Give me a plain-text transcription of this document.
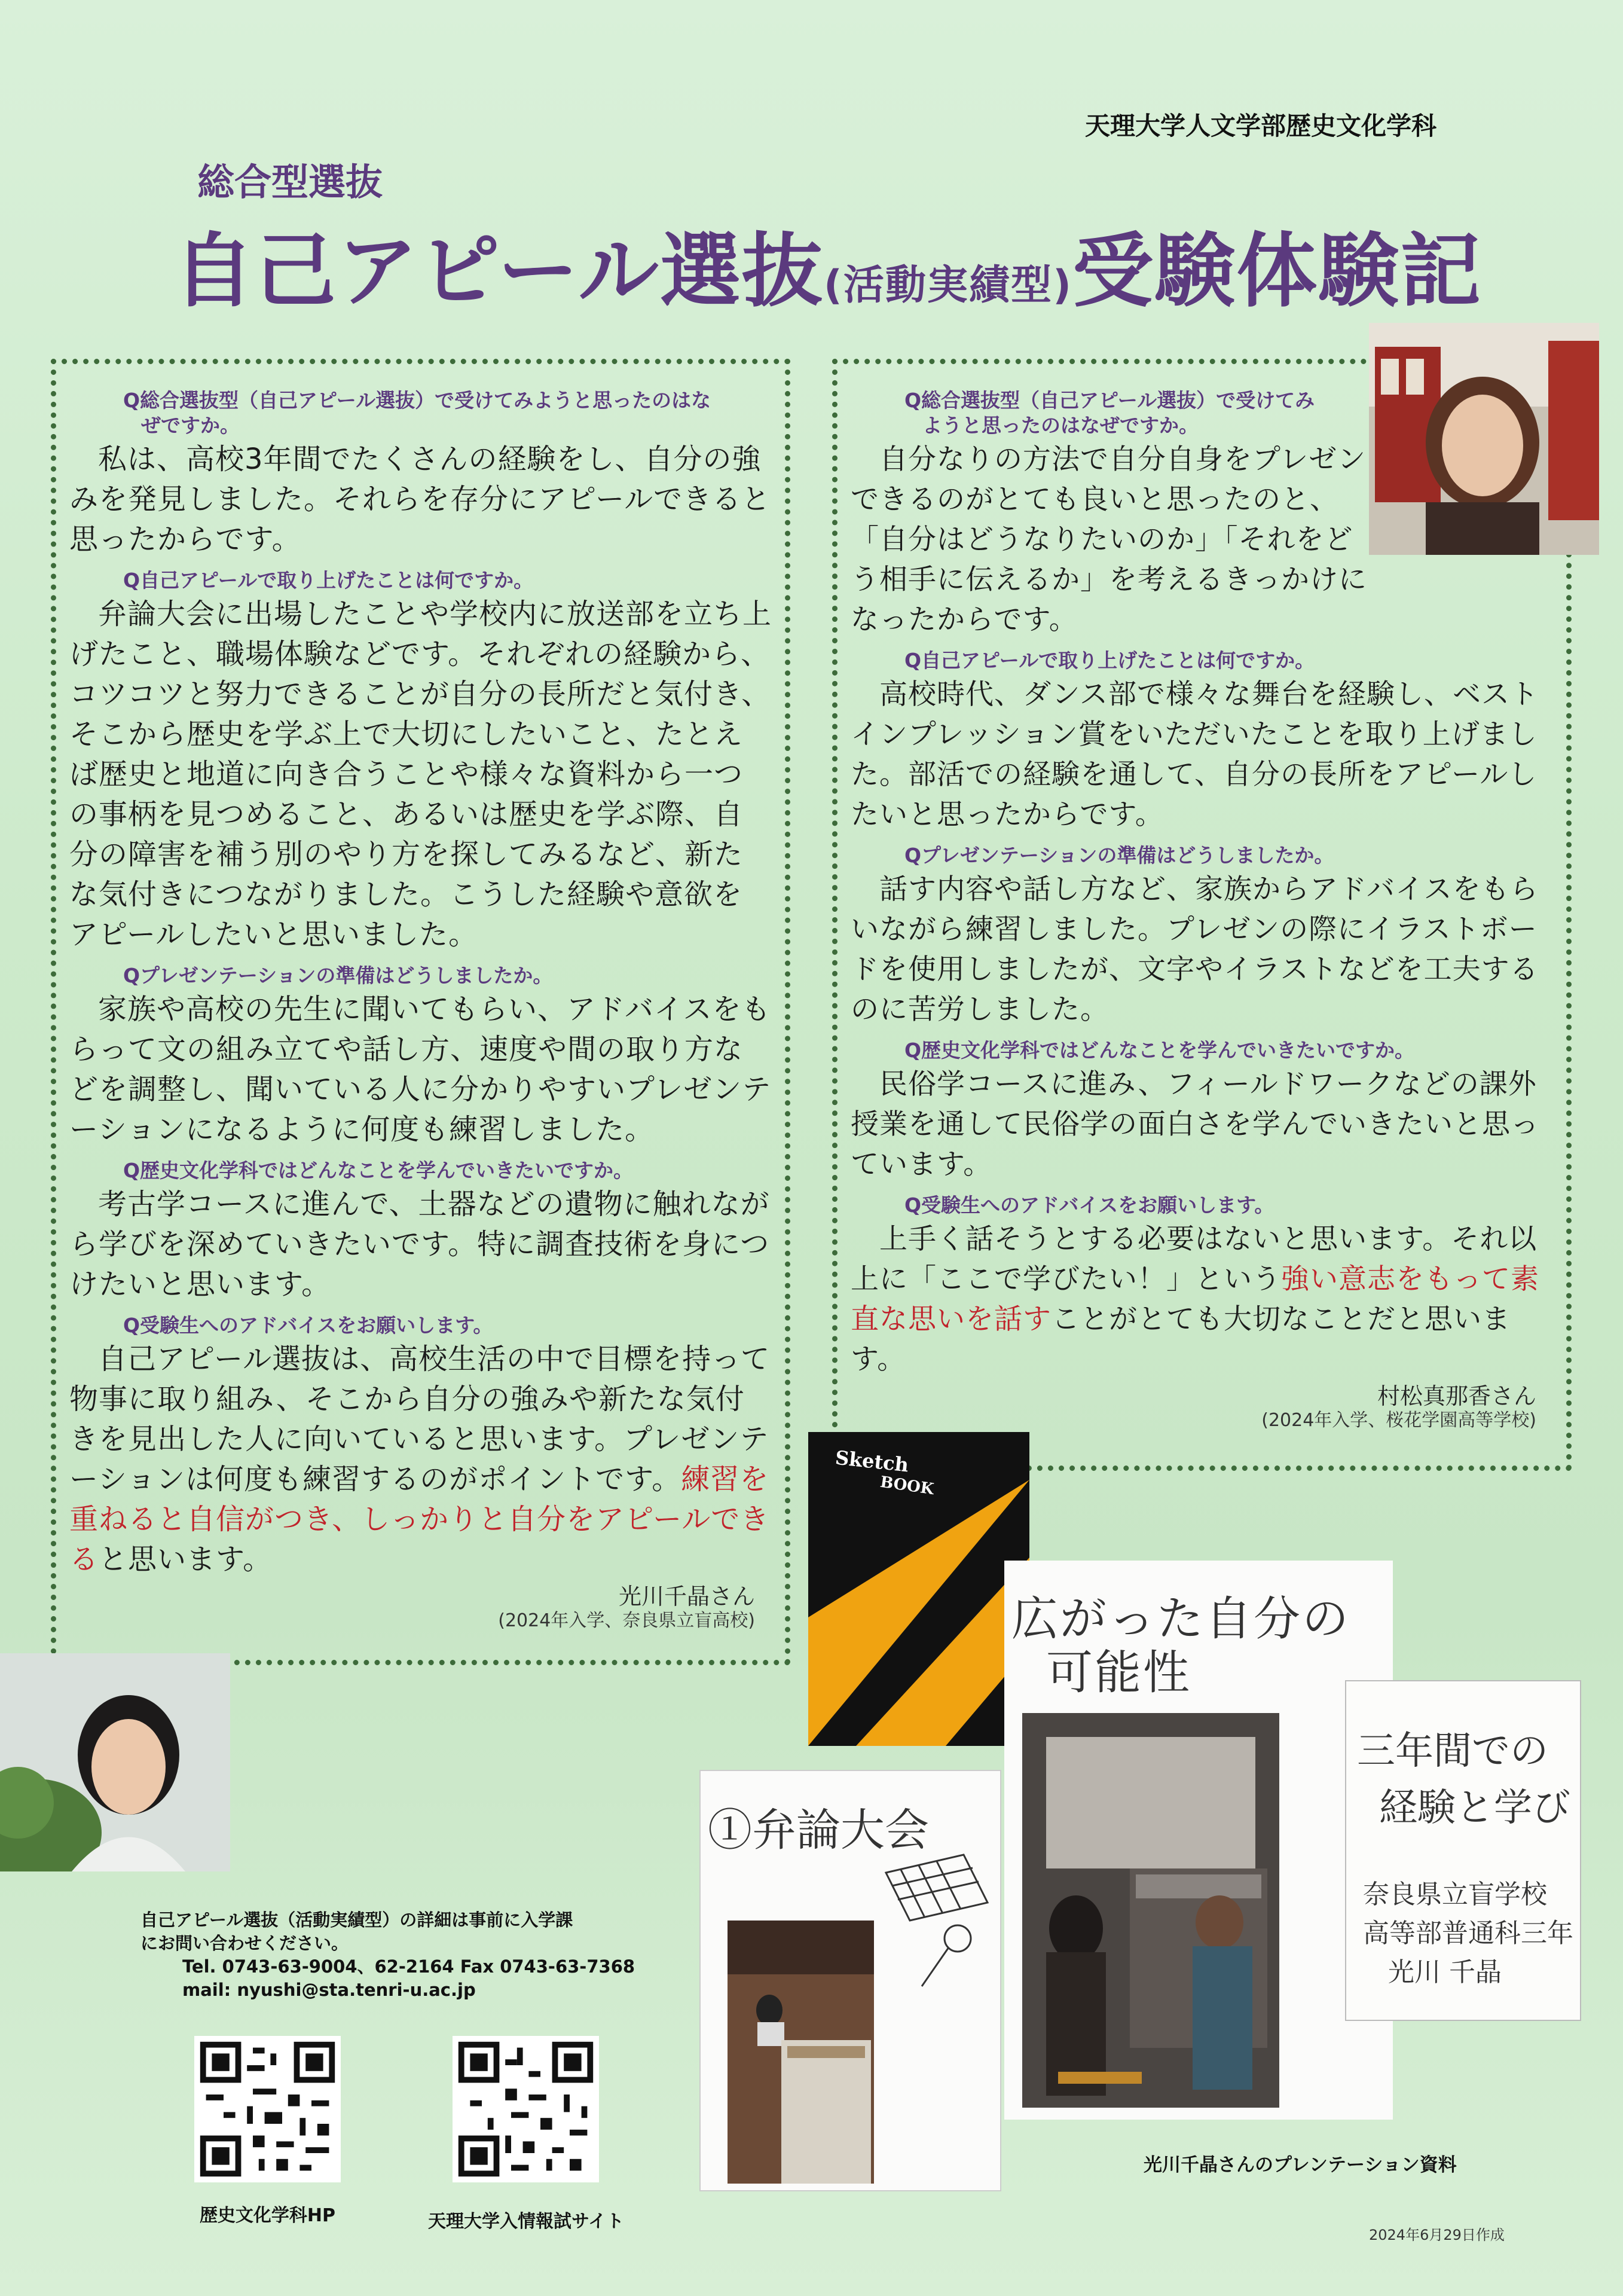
天理大学人文学部歴史文化学科
総合型選抜
自己アピール選抜(活動実績型)受験体験記
Q総合選抜型（自己アピール選抜）で受けてみようと思ったのはな
ぜですか。
私は、高校3年間でたくさんの経験をし、自分の強みを発見しました。それらを存分にアピールできると思ったからです。
Q自己アピールで取り上げたことは何ですか。
弁論大会に出場したことや学校内に放送部を立ち上げたこと、職場体験などです。それぞれの経験から、コツコツと努力できることが自分の長所だと気付き、そこから歴史を学ぶ上で大切にしたいこと、たとえば歴史と地道に向き合うことや様々な資料から一つの事柄を見つめること、あるいは歴史を学ぶ際、自分の障害を補う別のやり方を探してみるなど、新たな気付きにつながりました。こうした経験や意欲をアピールしたいと思いました。
Qプレゼンテーションの準備はどうしましたか。
家族や高校の先生に聞いてもらい、アドバイスをもらって文の組み立てや話し方、速度や間の取り方などを調整し、聞いている人に分かりやすいプレゼンテーションになるように何度も練習しました。
Q歴史文化学科ではどんなことを学んでいきたいですか。
考古学コースに進んで、土器などの遺物に触れながら学びを深めていきたいです。特に調査技術を身につけたいと思います。
Q受験生へのアドバイスをお願いします。
自己アピール選抜は、高校生活の中で目標を持って物事に取り組み、そこから自分の強みや新たな気付きを見出した人に向いていると思います。プレゼンテーションは何度も練習するのがポイントです。練習を重ねると自信がつき、しっかりと自分をアピールできると思います。
光川千晶さん
(2024年入学、奈良県立盲高校)
Q総合選抜型（自己アピール選抜）で受けてみ
ようと思ったのはなぜですか。
自分なりの方法で自分自身をプレゼンできるのがとても良いと思ったのと、「自分はどうなりたいのか」「それをどう相手に伝えるか」を考えるきっかけになったからです。
Q自己アピールで取り上げたことは何ですか。
高校時代、ダンス部で様々な舞台を経験し、ベストインプレッション賞をいただいたことを取り上げました。部活での経験を通して、自分の長所をアピールしたいと思ったからです。
Qプレゼンテーションの準備はどうしましたか。
話す内容や話し方など、家族からアドバイスをもらいながら練習しました。プレゼンの際にイラストボードを使用しましたが、文字やイラストなどを工夫するのに苦労しました。
Q歴史文化学科ではどんなことを学んでいきたいですか。
民俗学コースに進み、フィールドワークなどの課外授業を通して民俗学の面白さを学んでいきたいと思っています。
Q受験生へのアドバイスをお願いします。
上手く話そうとする必要はないと思います。それ以上に「ここで学びたい！」という強い意志をもって素直な思いを話すことがとても大切なことだと思います。
村松真那香さん
(2024年入学、桜花学園高等学校)
自己アピール選抜（活動実績型）の詳細は事前に入学課
にお問い合わせください。
Tel. 0743-63-9004、62-2164 Fax 0743-63-7368
mail: nyushi@sta.tenri-u.ac.jp
歴史文化学科HP	天理大学入情報試サイト
Sketch
BOOK
広がった自分の
可能性
三年間での
経験と学び
奈良県立盲学校
高等部普通科三年
光川 千晶
①弁論大会
光川千晶さんのプレンテーション資料
2024年6月29日作成
